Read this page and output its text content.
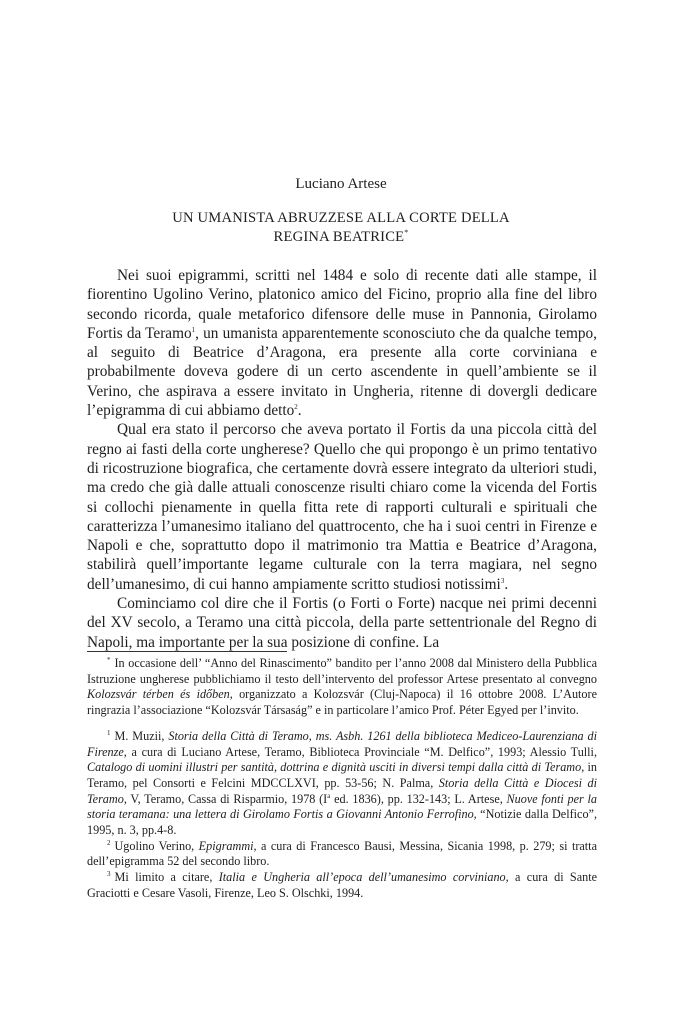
Luciano Artese
UN UMANISTA ABRUZZESE ALLA CORTE DELLA
REGINA BEATRICE*

Nei suoi epigrammi, scritti nel 1484 e solo di recente dati alle stampe, il fiorentino Ugolino Verino, platonico amico del Ficino, proprio alla fine del libro secondo ricorda, quale metaforico difensore delle muse in Pannonia, Girolamo Fortis da Teramo$^1$, un umanista apparentemente sconosciuto che da qualche tempo, al seguito di Beatrice d’Aragona, era presente alla corte corviniana e probabilmente doveva godere di un certo ascendente in quell’ambiente se il Verino, che aspirava a essere invitato in Ungheria, ritenne di dovergli dedicare l’epigramma di cui abbiamo detto$^2$.

Qual era stato il percorso che aveva portato il Fortis da una piccola città del regno ai fasti della corte ungherese? Quello che qui propongo è un primo tentativo di ricostruzione biografica, che certamente dovrà essere integrato da ulteriori studi, ma credo che già dalle attuali conoscenze risulti chiaro come la vicenda del Fortis si collochi pienamente in quella fitta rete di rapporti culturali e spirituali che caratterizza l’umanesimo italiano del quattrocento, che ha i suoi centri in Firenze e Napoli e che, soprattutto dopo il matrimonio tra Mattia e Beatrice d’Aragona, stabilirà quell’importante legame culturale con la terra magiara, nel segno dell’umanesimo, di cui hanno ampiamente scritto studiosi notissimi$^3$.

Cominciamo col dire che il Fortis (o Forti o Forte) nacque nei primi decenni del XV secolo, a Teramo una città piccola, della parte settentrionale del Regno di Napoli, ma importante per la sua posizione di confine. La

* In occasione dell’ “Anno del Rinascimento” bandito per l’anno 2008 dal Ministero della Pubblica Istruzione ungherese pubblichiamo il testo dell’intervento del professor Artese presentato al convegno Kolozsvár térben és időben, organizzato a Kolozsvár (Cluj-Napoca) il 16 ottobre 2008. L’Autore ringrazia l’associazione “Kolozsvár Társaság” e in particolare l’amico Prof. Péter Egyed per l’invito.

$^1$ M. Muzii, Storia della Città di Teramo, ms. Asbh. 1261 della biblioteca Mediceo-Laurenziana di Firenze, a cura di Luciano Artese, Teramo, Biblioteca Provinciale “M. Delfico”, 1993; Alessio Tulli, Catalogo di uomini illustri per santità, dottrina e dignità usciti in diversi tempi dalla città di Teramo, in Teramo, pel Consorti e Felcini MDCCLXVI, pp. 53-56; N. Palma, Storia della Città e Diocesi di Teramo, V, Teramo, Cassa di Risparmio, 1978 ($I^a$ ed. 1836), pp. 132-143; L. Artese, Nuove fonti per la storia teramana: una lettera di Girolamo Fortis a Giovanni Antonio Ferrofino, “Notizie dalla Delfico”, 1995, n. 3, pp.4-8.

$^2$ Ugolino Verino, Epigrammi, a cura di Francesco Bausi, Messina, Sicania 1998, p. 279; si tratta dell’epigramma 52 del secondo libro.

$^3$ Mi limito a citare, Italia e Ungheria all’epoca dell’umanesimo corviniano, a cura di Sante Graciotti e Cesare Vasoli, Firenze, Leo S. Olschki, 1994.
